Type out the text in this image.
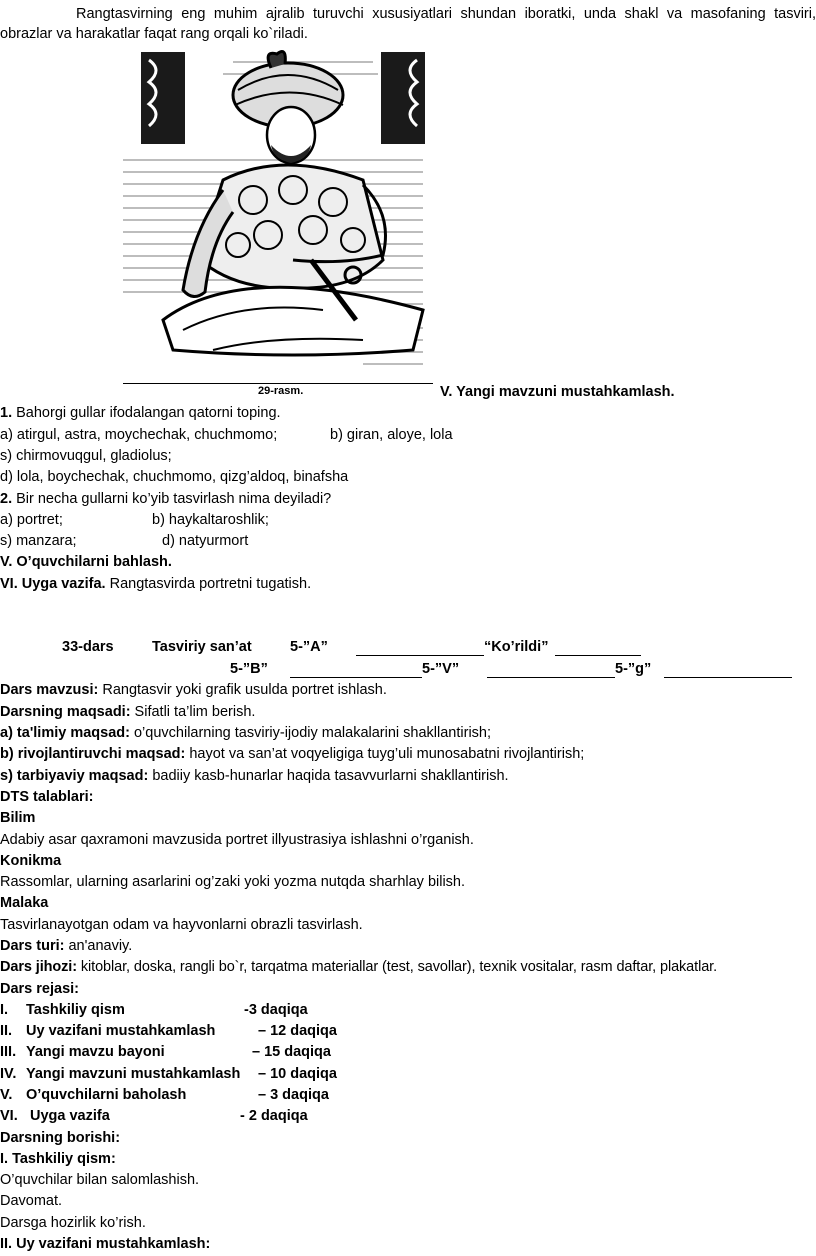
Rangtasvirning eng muhim ajralib turuvchi xususiyatlari shundan iboratki, unda shakl va masofaning tasviri, obrazlar va harakatlar faqat rang orqali ko`riladi.
29-rasm.	V. Yangi mavzuni mustahkamlash.
1. Bahorgi gullar ifodalangan qatorni toping.
a) atirgul, astra, moychechak, chuchmomo;	b) giran, aloye, lola
s) chirmovuqgul, gladiolus;
d) lola, boychechak, chuchmomo, qizg’aldoq, binafsha
2. Bir necha gullarni ko’yib tasvirlash nima deyiladi?
a) portret;	b) haykaltaroshlik;
s) manzara;	d) natyurmort
V. O’quvchilarni bahlash.
VI. Uyga vazifa. Rangtasvirda portretni tugatish.
33-dars	Tasviriy san’at	5-”A”	“Ko’rildi”
5-”B”	5-”V”	5-”g”
Dars mavzusi: Rangtasvir yoki grafik usulda portret ishlash.
Darsning maqsadi: Sifatli ta’lim berish.
a) ta'limiy maqsad: o’quvchilarning tasviriy-ijodiy malakalarini shakllantirish;
b) rivojlantiruvchi maqsad: hayot va san’at voqyeligiga tuyg’uli munosabatni rivojlantirish;
s) tarbiyaviy maqsad: badiiy kasb-hunarlar haqida tasavvurlarni shakllantirish.
DTS talablari:
Bilim
Adabiy asar qaxramoni mavzusida portret illyustrasiya ishlashni o’rganish.
Konikma
Rassomlar, ularning asarlarini og’zaki yoki yozma nutqda sharhlay bilish.
Malaka
Tasvirlanayotgan odam va hayvonlarni obrazli tasvirlash.
Dars turi: an'anaviy.
Dars jihozi: kitoblar, doska, rangli bo`r, tarqatma materiallar (test, savollar), texnik vositalar, rasm daftar, plakatlar.
Dars rejasi:
I. Tashkiliy qism	-3 daqiqa
II. Uy vazifani mustahkamlash	– 12 daqiqa
III. Yangi mavzu bayoni	– 15 daqiqa
IV. Yangi mavzuni mustahkamlash – 10 daqiqa
V. O’quvchilarni baholash	– 3 daqiqa
VI. Uyga vazifa	- 2 daqiqa
Darsning borishi:
I. Tashkiliy qism:
O’quvchilar bilan salomlashish.
Davomat.
Darsga hozirlik ko’rish.
II. Uy vazifani mustahkamlash:
